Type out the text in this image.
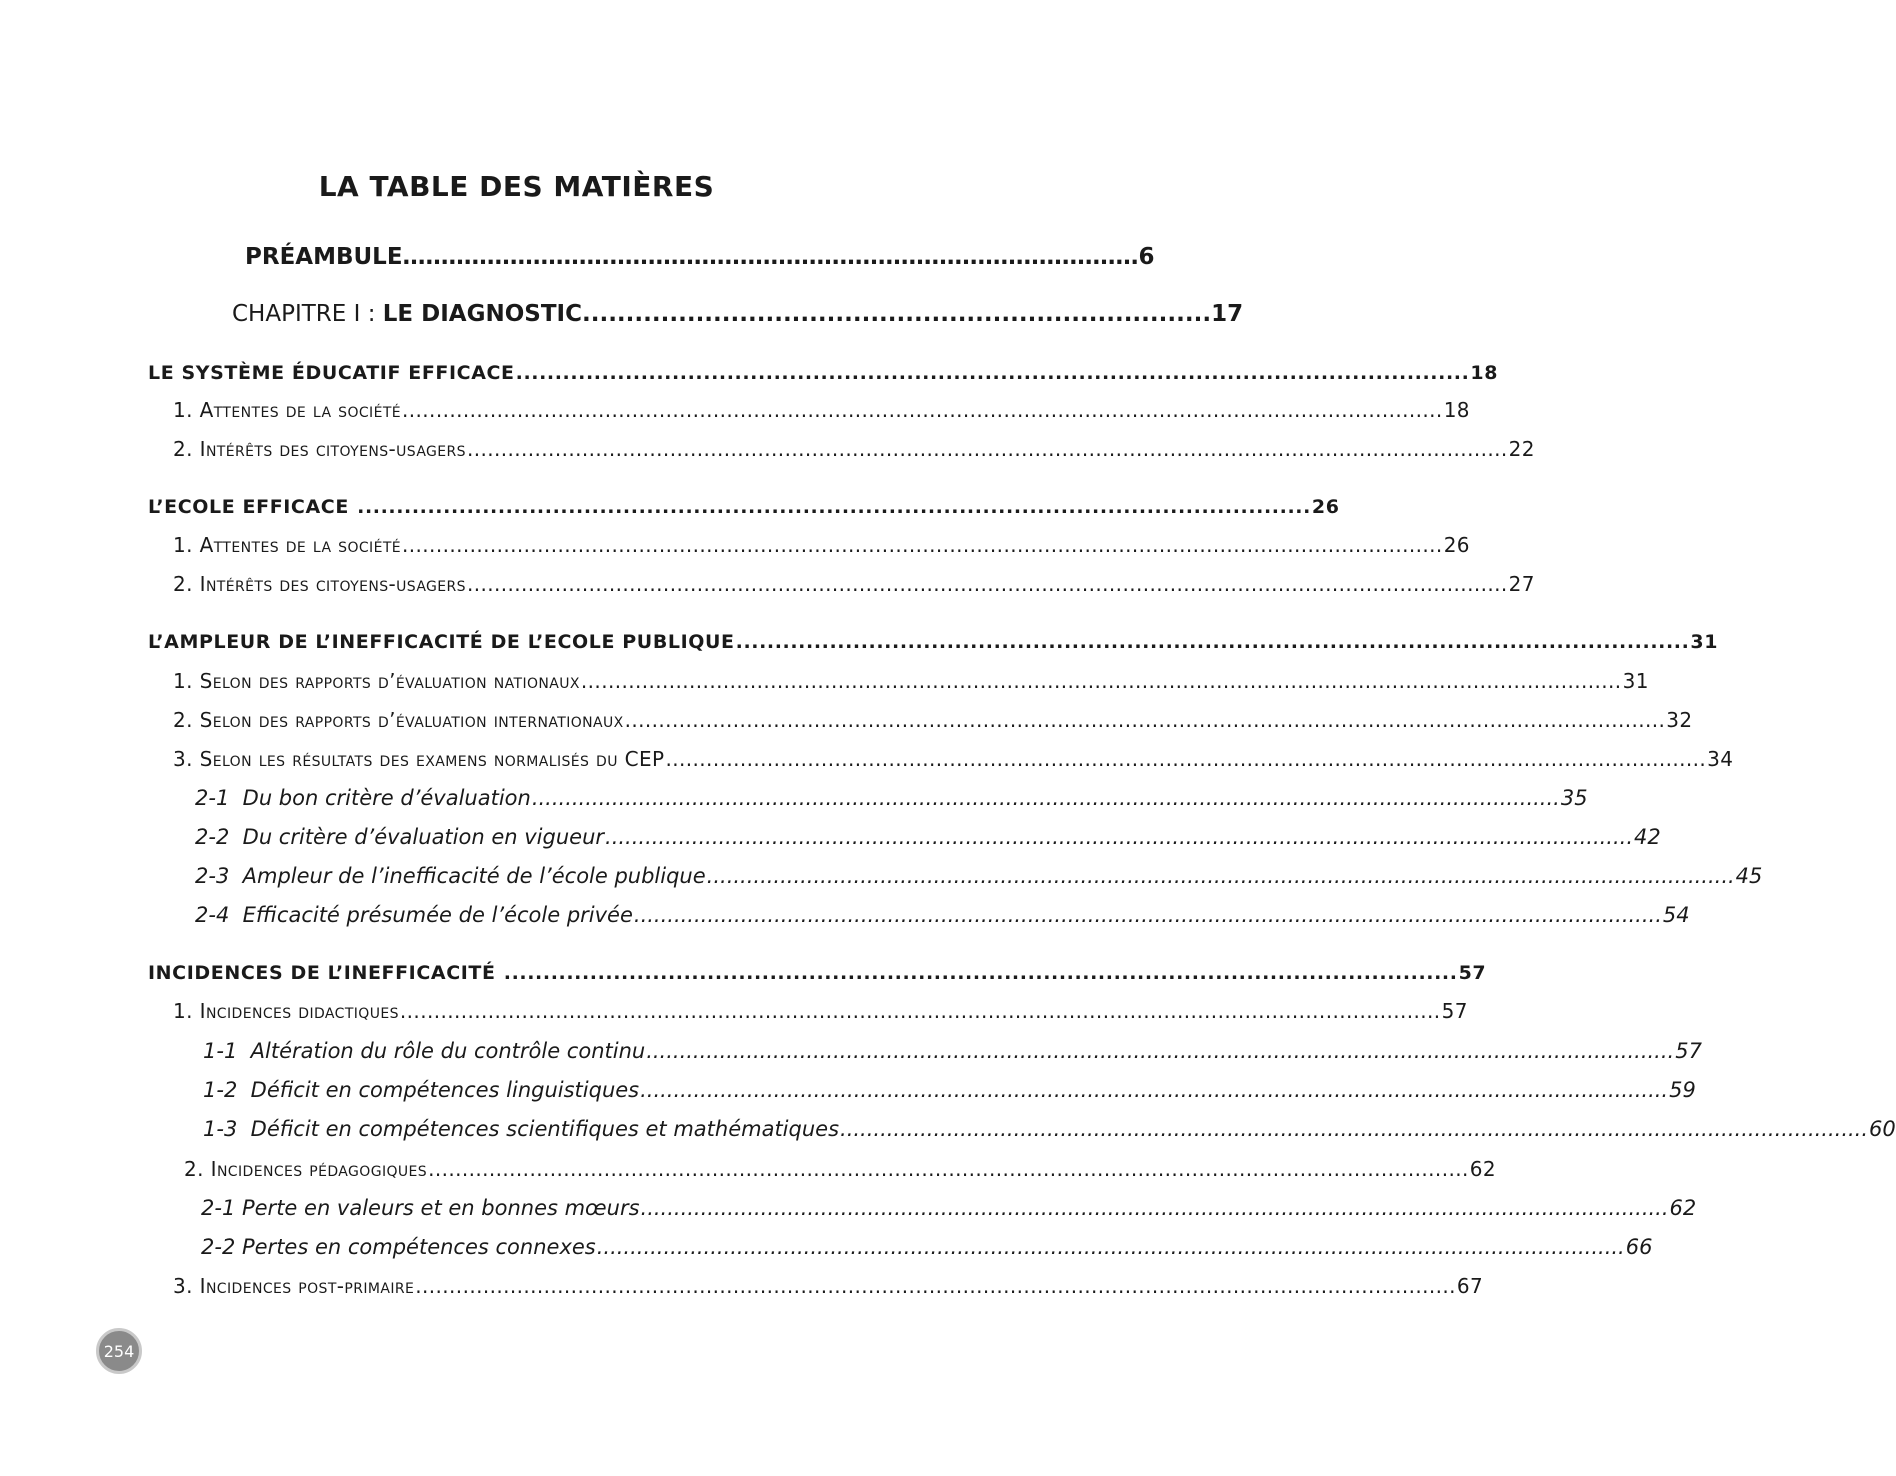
LA TABLE DES MATIÈRES
PRÉAMBULE …………………………………………………………………………………… 6
CHAPITRE I : LE DIAGNOSTIC ........................................................................ 17
LE SYSTÈME ÉDUCATIF EFFICACE .......................................................................................................................... 18
1. Attentes de la société .......................................................................................................................................................... 18
2. Intérêts des citoyens-usagers .......................................................................................................................................................... 22
L’ECOLE EFFICACE .......................................................................................................................... 26
1. Attentes de la société .......................................................................................................................................................... 26
2. Intérêts des citoyens-usagers .......................................................................................................................................................... 27
L’AMPLEUR DE L’INEFFICACITÉ DE L’ECOLE PUBLIQUE .......................................................................................................................... 31
1. Selon des rapports d’évaluation nationaux .......................................................................................................................................................... 31
2. Selon des rapports d’évaluation internationaux .......................................................................................................................................................... 32
3. Selon les résultats des examens normalisés du CEP .......................................................................................................................................................... 34
2-1  Du bon critère d’évaluation .......................................................................................................................................................... 35
2-2  Du critère d’évaluation en vigueur .......................................................................................................................................................... 42
2-3  Ampleur de l’inefficacité de l’école publique .......................................................................................................................................................... 45
2-4  Efficacité présumée de l’école privée .......................................................................................................................................................... 54
INCIDENCES DE L’INEFFICACITÉ .......................................................................................................................... 57
1. Incidences didactiques .......................................................................................................................................................... 57
1-1  Altération du rôle du contrôle continu .......................................................................................................................................................... 57
1-2  Déficit en compétences linguistiques .......................................................................................................................................................... 59
1-3  Déficit en compétences scientifiques et mathématiques .......................................................................................................................................................... 60
2. Incidences pédagogiques .......................................................................................................................................................... 62
2-1 Perte en valeurs et en bonnes mœurs .......................................................................................................................................................... 62
2-2 Pertes en compétences connexes .......................................................................................................................................................... 66
3. Incidences post-primaire .......................................................................................................................................................... 67
254
